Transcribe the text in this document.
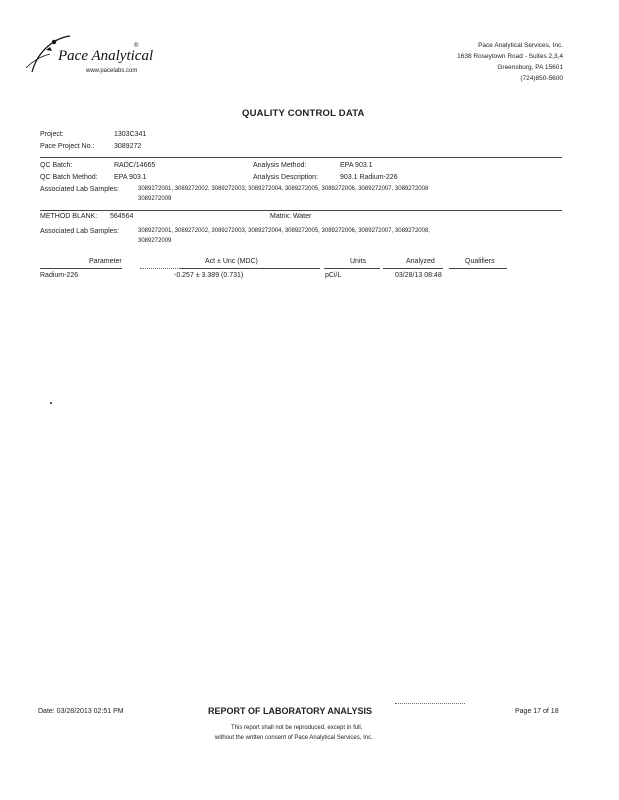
Pace Analytical
www.pacelabs.com
®	Pace Analytical Services, Inc.
1638 Roseytown Road - Suites 2,3,4
Greensburg, PA 15601
(724)850-5600
QUALITY CONTROL DATA
Project:	1303C341
Pace Project No.:	3089272
QC Batch:	RADC/14665	Analysis Method:	EPA 903.1
QC Batch Method: EPA 903.1	Analysis Description:	903.1 Radium-226
Associated Lab Samples:	3089272001, 3089272002, 3089272003, 3089272004, 3089272005, 3089272006, 3089272007, 3089272008
3089272009
METHOD BLANK: 564564	Matrix: Water
Associated Lab Samples:	3089272001, 3089272002, 3089272003, 3089272004, 3089272005, 3089272006, 3089272007, 3089272008,
3089272009
Parameter	Act ± Unc (MDC)	Units	Analyzed	Qualifiers
Radium-226	-0.257 ± 3.389 (0.731)	pCi/L	03/28/13 08:48
Date: 03/28/2013 02:51 PM	REPORT OF LABORATORY ANALYSIS	Page 17 of 18
This report shall not be reproduced, except in full,
without the written consent of Pace Analytical Services, Inc.
